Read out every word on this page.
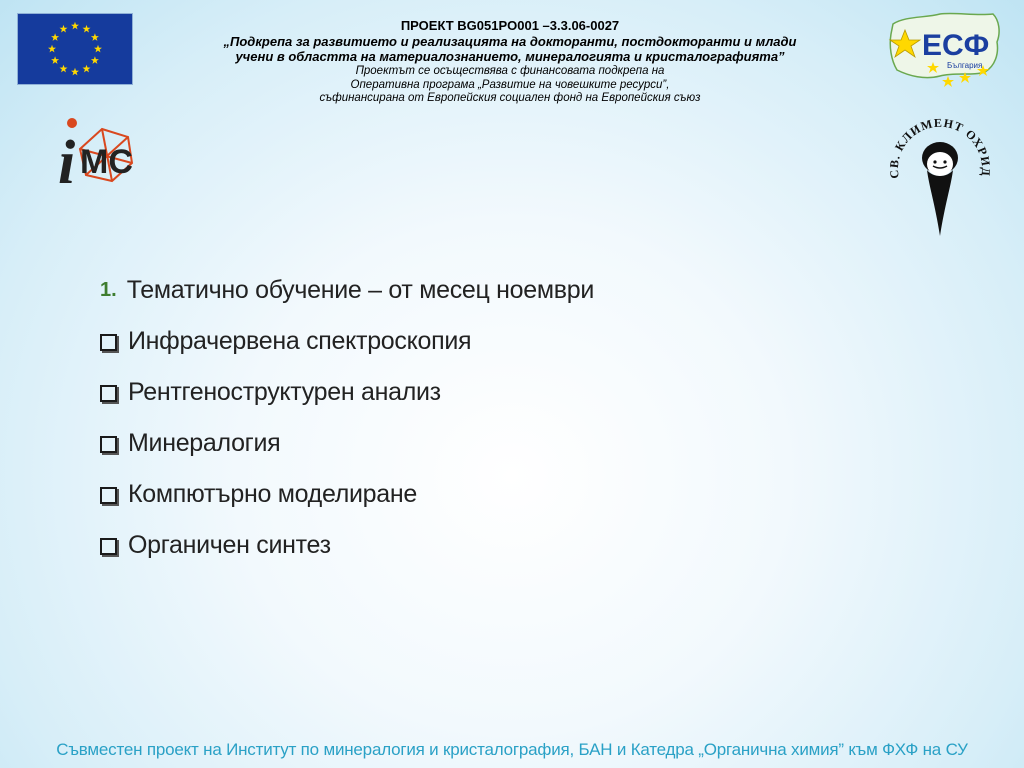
ПРОЕКТ BG051PO001 –3.3.06-0027
„Подкрепа за развитието и реализацията на докторанти, постдокторанти и млади
учени в областта на материалознанието, минералогията и кристалографията”
Проектът се осъществява с финансовата подкрепа на
Оперативна програма „Развитие на човешките ресурси”,
съфинансирана от Европейския социален фонд на Европейския съюз
ЕСФ
България
i MC	СВ. КЛИМЕНТ ОХРИД
1. Тематично обучение – от месец ноември
Инфрачервена спектроскопия
Рентгеноструктурен анализ
Минералогия
Компютърно моделиране
Органичен синтез
Съвместен проект на Институт по минералогия и кристалография, БАН и Катедра „Органична химия” към ФХФ на СУ
